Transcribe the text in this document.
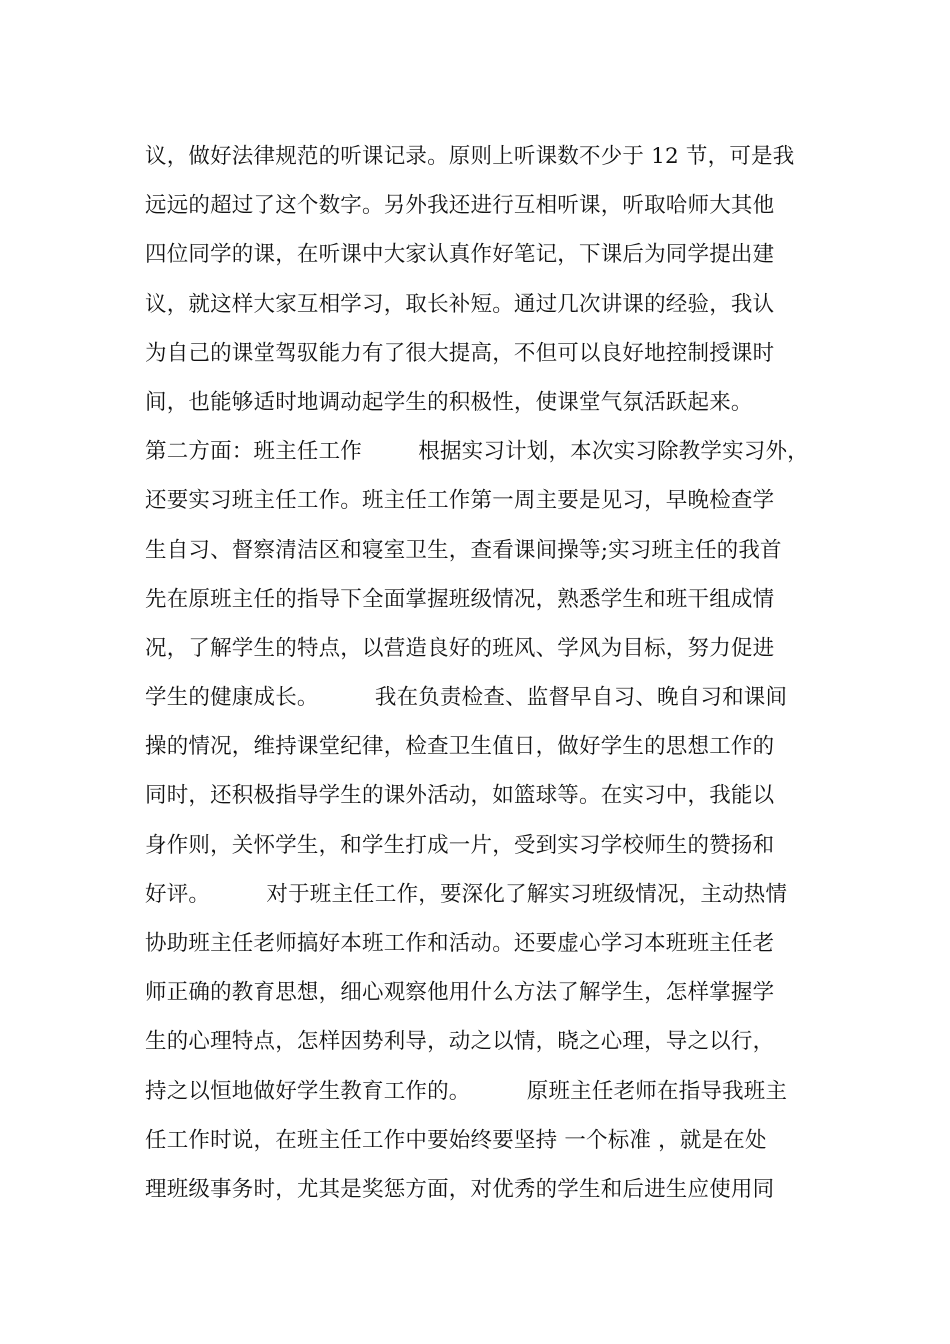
议，做好法律规范的听课记录。原则上听课数不少于 12 节，可是我
远远的超过了这个数字。另外我还进行互相听课，听取哈师大其他
四位同学的课，在听课中大家认真作好笔记，下课后为同学提出建
议，就这样大家互相学习，取长补短。通过几次讲课的经验，我认
为自己的课堂驾驭能力有了很大提高，不但可以良好地控制授课时
间，也能够适时地调动起学生的积极性，使课堂气氛活跃起来。
第二方面：班主任工作        根据实习计划，本次实习除教学实习外，
还要实习班主任工作。班主任工作第一周主要是见习，早晚检查学
生自习、督察清洁区和寝室卫生，查看课间操等;实习班主任的我首
先在原班主任的指导下全面掌握班级情况，熟悉学生和班干组成情
况，了解学生的特点，以营造良好的班风、学风为目标，努力促进
学生的健康成长。        我在负责检查、监督早自习、晚自习和课间
操的情况，维持课堂纪律，检查卫生值日，做好学生的思想工作的
同时，还积极指导学生的课外活动，如篮球等。在实习中，我能以
身作则，关怀学生，和学生打成一片，受到实习学校师生的赞扬和
好评。        对于班主任工作，要深化了解实习班级情况，主动热情
协助班主任老师搞好本班工作和活动。还要虚心学习本班班主任老
师正确的教育思想，细心观察他用什么方法了解学生，怎样掌握学
生的心理特点，怎样因势利导，动之以情，晓之心理，导之以行，
持之以恒地做好学生教育工作的。        原班主任老师在指导我班主
任工作时说，在班主任工作中要始终要坚持 一个标准 ，就是在处
理班级事务时，尤其是奖惩方面，对优秀的学生和后进生应使用同
